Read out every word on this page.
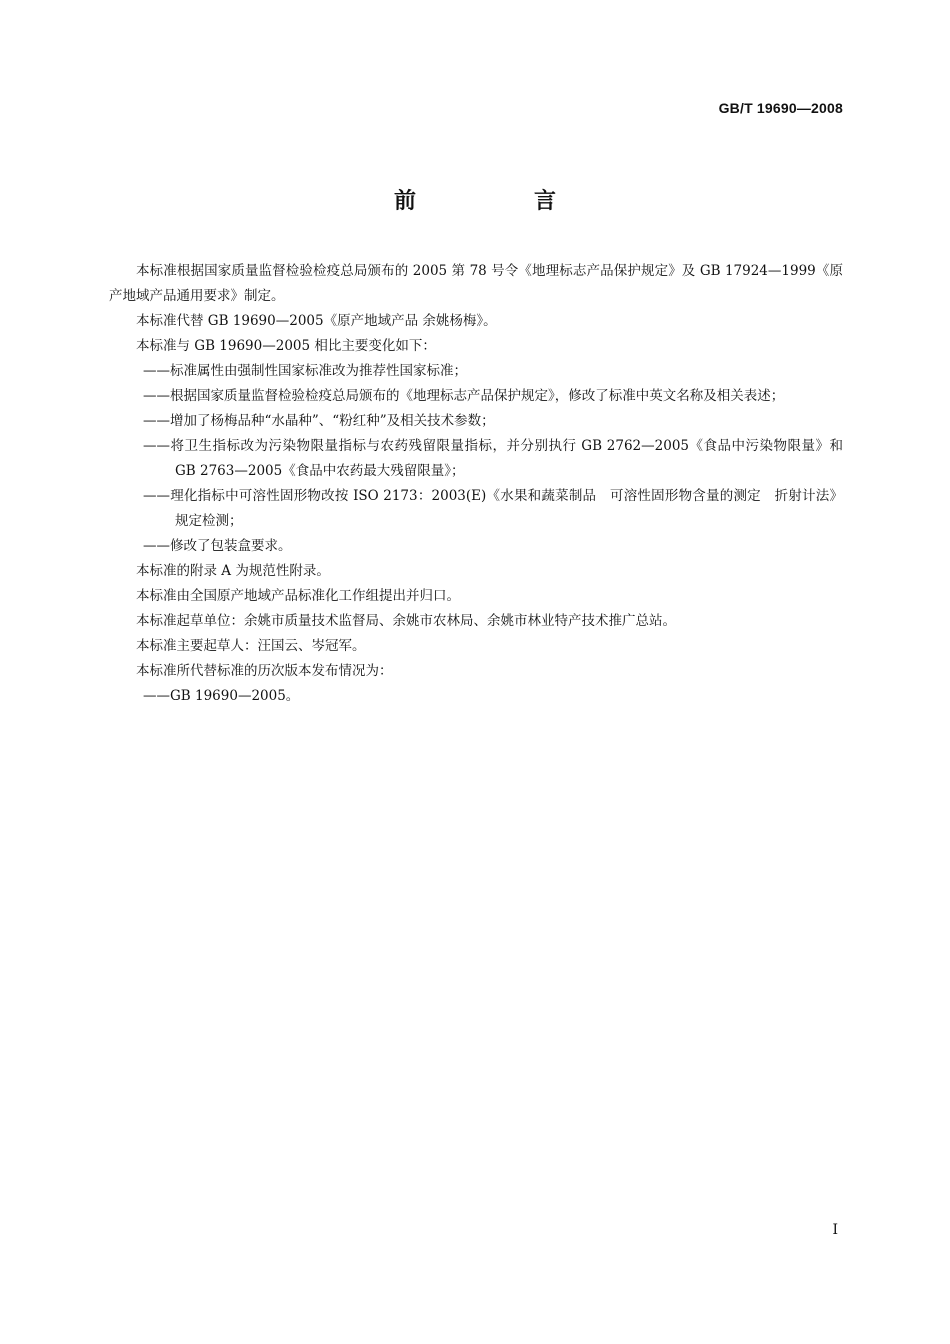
GB/T 19690—2008
前　言

本标准根据国家质量监督检验检疫总局颁布的 2005 第 78 号令《地理标志产品保护规定》及 GB 17924—1999《原产地域产品通用要求》制定。

本标准代替 GB 19690—2005《原产地域产品 余姚杨梅》。

本标准与 GB 19690—2005 相比主要变化如下：

——标准属性由强制性国家标准改为推荐性国家标准；

——根据国家质量监督检验检疫总局颁布的《地理标志产品保护规定》，修改了标准中英文名称及相关表述；

——增加了杨梅品种“水晶种”、“粉红种”及相关技术参数；

——将卫生指标改为污染物限量指标与农药残留限量指标，并分别执行 GB 2762—2005《食品中污染物限量》和 GB 2763—2005《食品中农药最大残留限量》；

——理化指标中可溶性固形物改按 ISO 2173：2003(E)《水果和蔬菜制品　可溶性固形物含量的测定　折射计法》规定检测；

——修改了包装盒要求。

本标准的附录 A 为规范性附录。

本标准由全国原产地域产品标准化工作组提出并归口。

本标准起草单位：余姚市质量技术监督局、余姚市农林局、余姚市林业特产技术推广总站。

本标准主要起草人：汪国云、岑冠军。

本标准所代替标准的历次版本发布情况为：

——GB 19690—2005。

I
